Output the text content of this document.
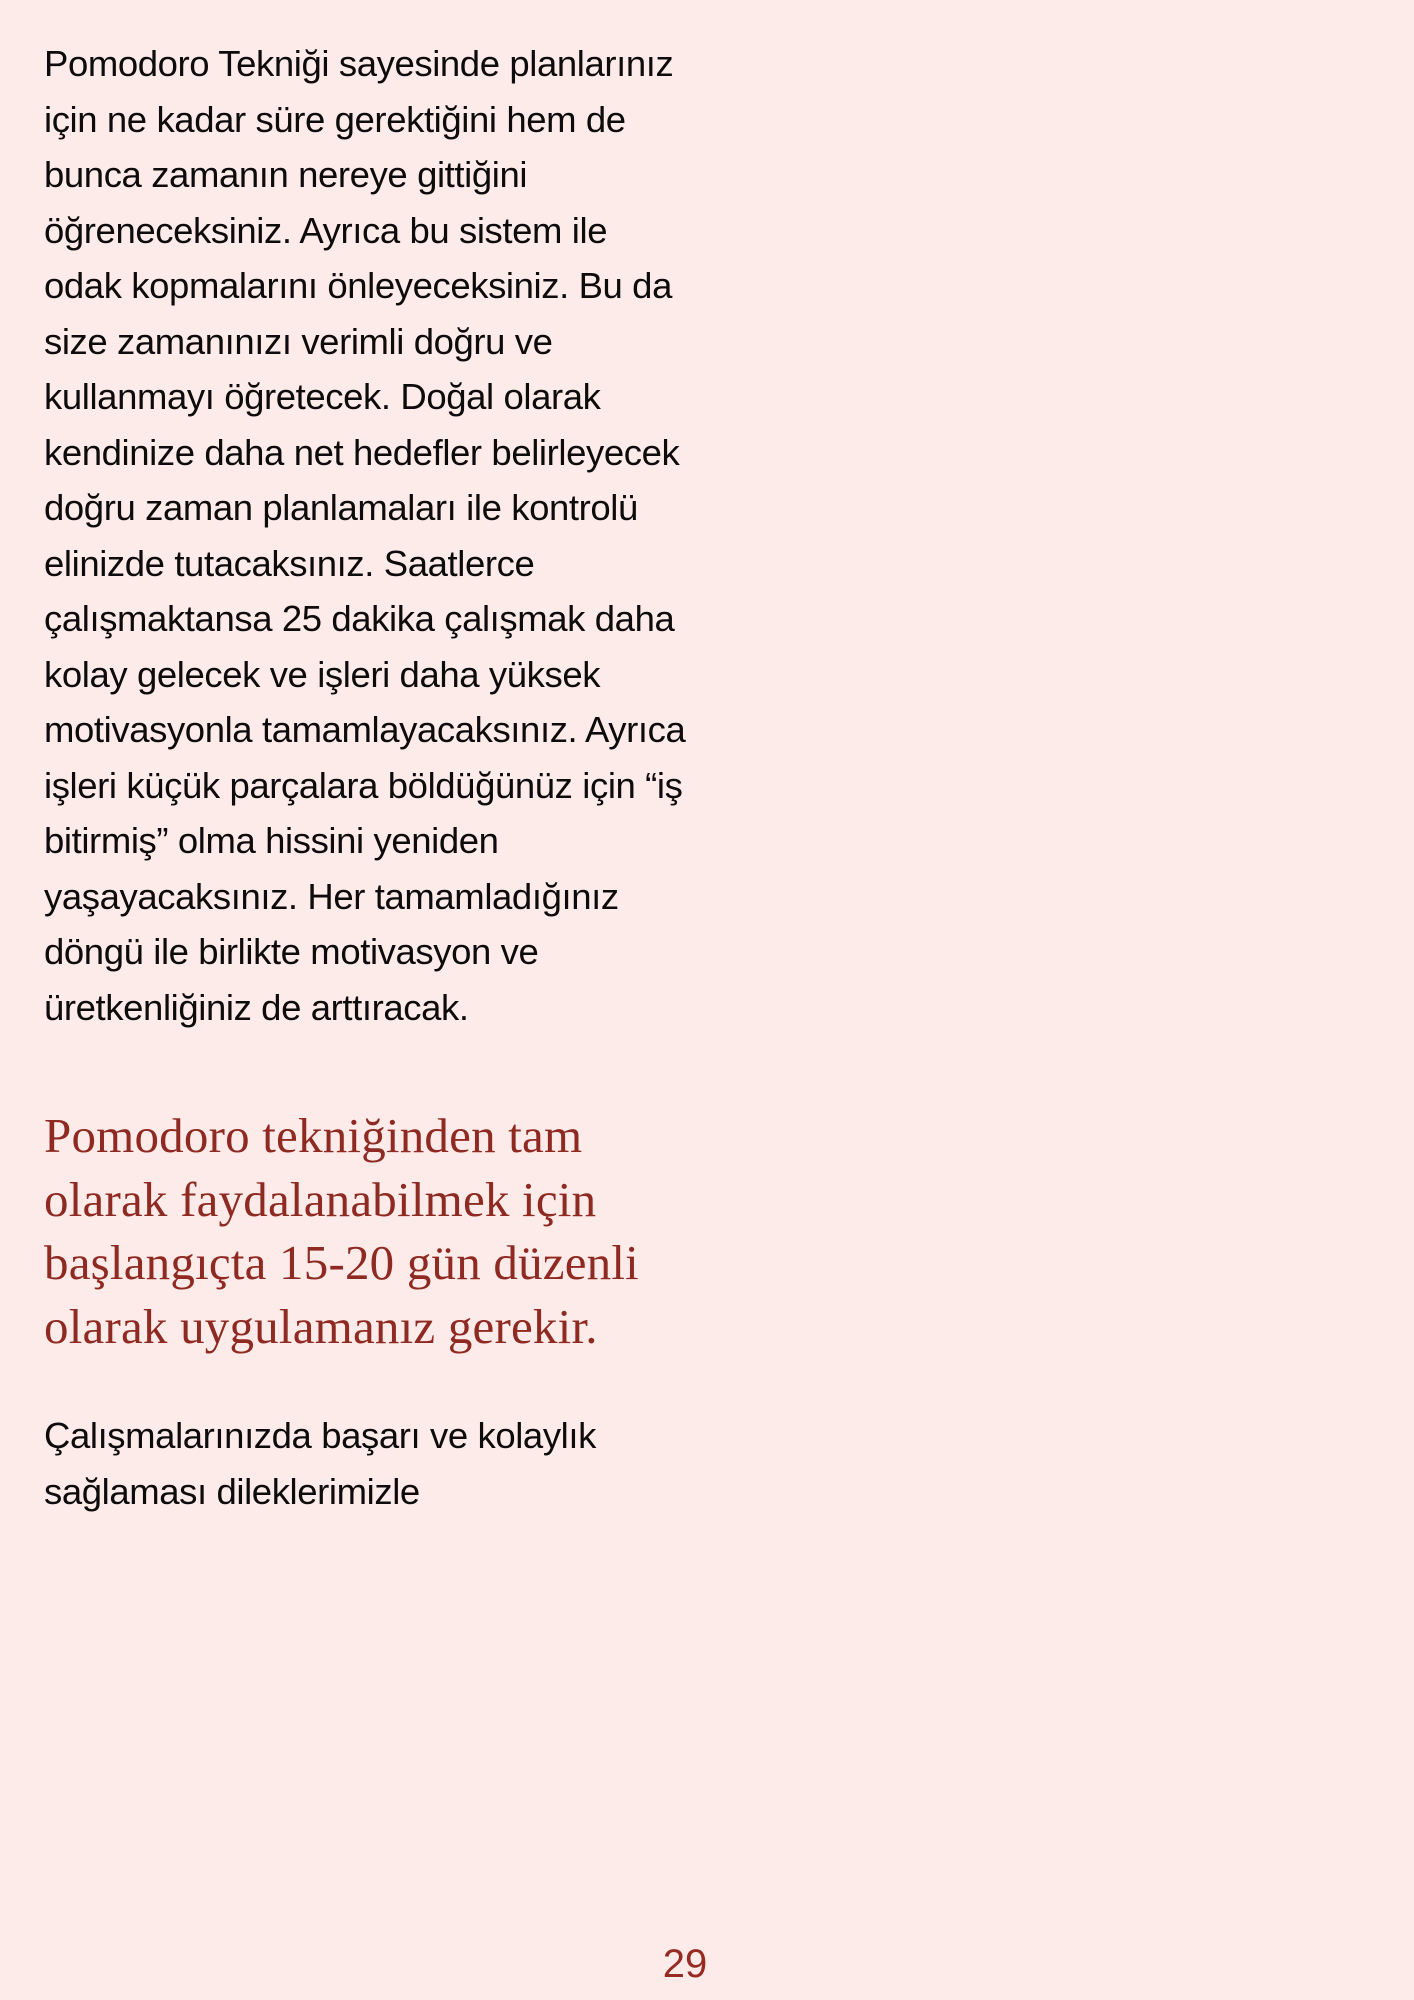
Pomodoro Tekniği sayesinde planlarınız
için ne kadar süre gerektiğini hem de
bunca zamanın nereye gittiğini
öğreneceksiniz. Ayrıca bu sistem ile
odak kopmalarını önleyeceksiniz. Bu da
size zamanınızı verimli doğru ve
kullanmayı öğretecek. Doğal olarak
kendinize daha net hedefler belirleyecek
doğru zaman planlamaları ile kontrolü
elinizde tutacaksınız. Saatlerce
çalışmaktansa 25 dakika çalışmak daha
kolay gelecek ve işleri daha yüksek
motivasyonla tamamlayacaksınız. Ayrıca
işleri küçük parçalara böldüğünüz için “iş
bitirmiş” olma hissini yeniden
yaşayacaksınız. Her tamamladığınız
döngü ile birlikte motivasyon ve
üretkenliğiniz de arttıracak.

Pomodoro tekniğinden tam
olarak faydalanabilmek için
başlangıçta 15-20 gün düzenli
olarak uygulamanız gerekir.

Çalışmalarınızda başarı ve kolaylık
sağlaması dileklerimizle

29
